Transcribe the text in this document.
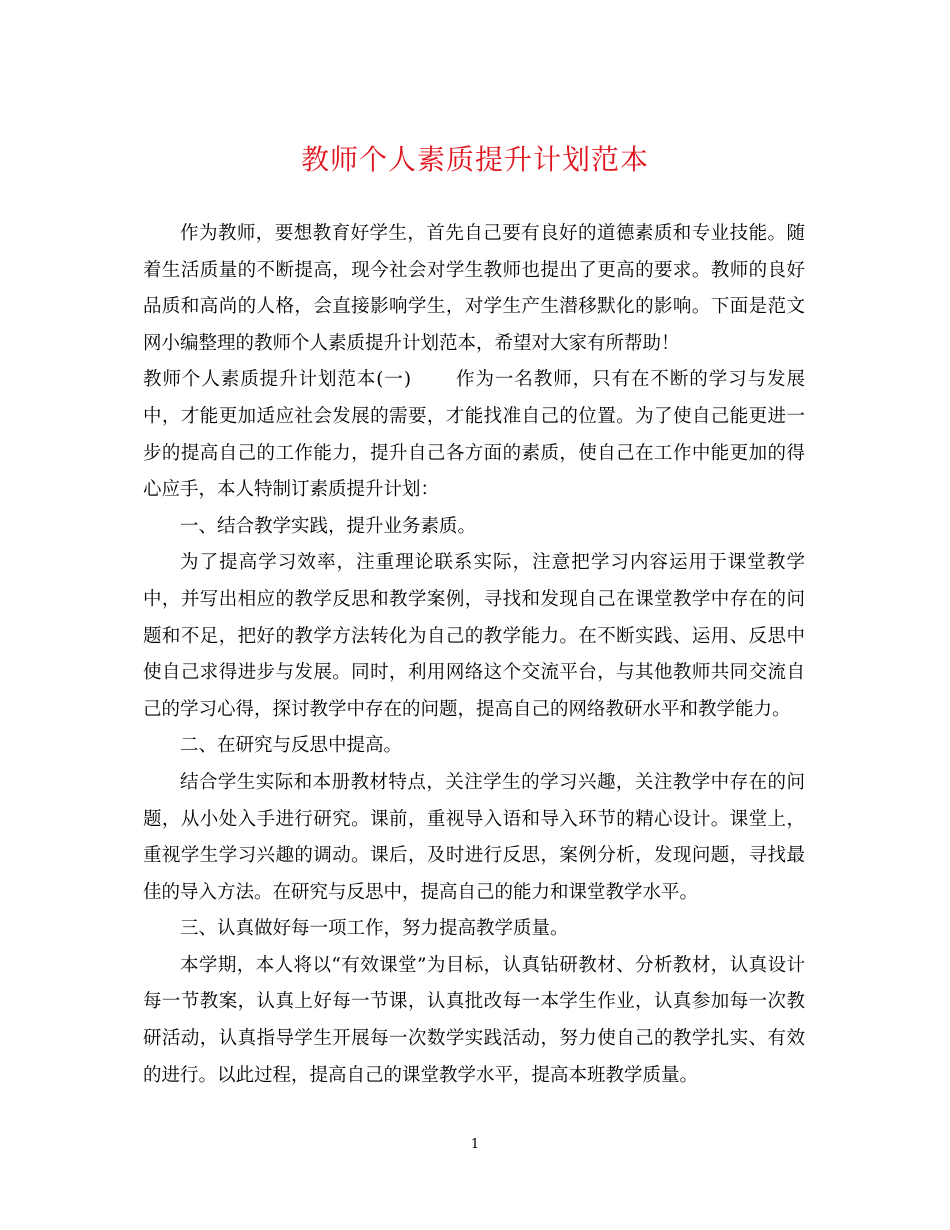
教师个人素质提升计划范本

作为教师，要想教育好学生，首先自己要有良好的道德素质和专业技能。随着生活质量的不断提高，现今社会对学生教师也提出了更高的要求。教师的良好品质和高尚的人格，会直接影响学生，对学生产生潜移默化的影响。下面是范文网小编整理的教师个人素质提升计划范本，希望对大家有所帮助！

教师个人素质提升计划范本(一) 作为一名教师，只有在不断的学习与发展中，才能更加适应社会发展的需要，才能找准自己的位置。为了使自己能更进一步的提高自己的工作能力，提升自己各方面的素质，使自己在工作中能更加的得心应手，本人特制订素质提升计划：

一、结合教学实践，提升业务素质。

为了提高学习效率，注重理论联系实际，注意把学习内容运用于课堂教学中，并写出相应的教学反思和教学案例，寻找和发现自己在课堂教学中存在的问题和不足，把好的教学方法转化为自己的教学能力。在不断实践、运用、反思中使自己求得进步与发展。同时，利用网络这个交流平台，与其他教师共同交流自己的学习心得，探讨教学中存在的问题，提高自己的网络教研水平和教学能力。

二、在研究与反思中提高。

结合学生实际和本册教材特点，关注学生的学习兴趣，关注教学中存在的问题，从小处入手进行研究。课前，重视导入语和导入环节的精心设计。课堂上，重视学生学习兴趣的调动。课后，及时进行反思，案例分析，发现问题，寻找最佳的导入方法。在研究与反思中，提高自己的能力和课堂教学水平。

三、认真做好每一项工作，努力提高教学质量。

本学期，本人将以“有效课堂”为目标，认真钻研教材、分析教材，认真设计每一节教案，认真上好每一节课，认真批改每一本学生作业，认真参加每一次教研活动，认真指导学生开展每一次数学实践活动，努力使自己的教学扎实、有效的进行。以此过程，提高自己的课堂教学水平，提高本班教学质量。

1
